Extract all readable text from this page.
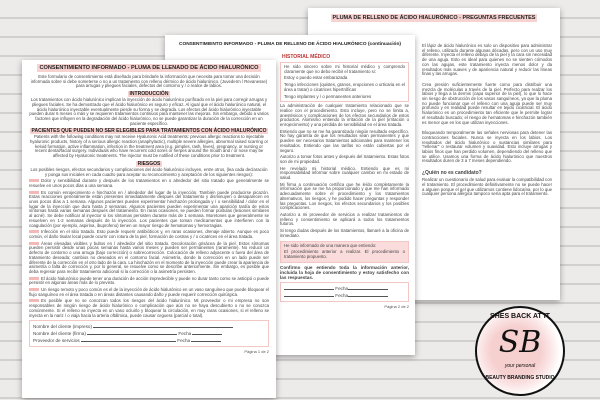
PLUMA DE RELLENO DE ÁCIDO HIALURÓNICO - PREGUNTAS FRECUENTES
El lápiz de ácido hialurónico es solo un dispositivo para administrar el relleno, utilizado durante algunas décadas, pero con un uso muy diferente. Inyecta el relleno debajo de la piel y la cara sin necesidad de una aguja. Esto es ideal para quienes no se sienten cómodos con las agujas, este tratamiento inyecta menos dolor y da resultados más suaves y de apariencia natural y reducir las líneas finas y las arrugas.
Crea presión suficientemente fuerte como para distribuir una mezcla de moléculas a través de la piel. Perfecto para realzar los labios y llega a la dermis (capa superior de la piel), lo que lo hace sin riesgo de obstrucción de los vasos sanguíneos, ya que la pluma no puede funcionar que el relleno con una aguja puede ser muy profundo y en realidad puede resultar en tejido cicatricial. El ácido hialurónico es un procedimiento tan eficiente que le permite lograr el resultado buscado; el riesgo de hematomas e hinchazón también es menor que en los que utilizan inyecciones.
Bloqueando temporalmente las señales nerviosas para detener las contracciones faciales. Nunca se inyecta en los labios. Los resultados del ácido hialurónico o sustancias similares para "rellenar" o restaurar volumen y suavidad. Esto incluye arrugas y labios finos que han perdido volumen, dependiendo del relleno que se utilice. Usamos una forma de ácido hialurónico que nuestros resultados duren de 3 a 7 meses dependiendo.
¿Quién no es candidato?
Realizar un cuestionario de salud para evaluar la compatibilidad con el tratamiento. El procedimiento definitivamente no se puede hacer a alguien porque el gel que utilizamos contiene lidocaína, por lo que cualquier persona alérgica tampoco sería apta para el tratamiento.
CONSENTIMIENTO INFORMADO - PLUMA DE RELLENO DE ÁCIDO HIALURÓNICO (continuación)
HISTORIAL MÉDICO
He sido sincero sobre mi historial médico y comprendo claramente que no debo recibir el tratamiento si:
Estoy o puedo estar embarazada
Tengo infecciones (quistes, granos, erupciones o urticaria en el área a tratar) o cicatrices hipertróficas
Tengo implantes y / o permanentes anteriores
La administración de cualquier tratamiento relacionado que se realice con el procedimiento. Esto incluye, pero no se limita a, anestésicos y complicaciones de los efectos secundarios de estos productos. Asimismo entiendo la irritación de la piel (irritación o enrojecimiento) y una pérdida de sensibilidad en el área tratada.
Entiendo que no se me ha garantizado ningún resultado específico. No hay garantía de que los resultados sean permanentes y que pueden ser necesarios tratamientos adicionales para mantener los resultados. Entiendo que las tarifas no están cubiertas por el seguro.
Autorizo a tomar fotos antes y después del tratamiento. Estas fotos son de mi propiedad.
He revelado mi historial médico. Entiendo que es mi responsabilidad informar sobre cualquier cambio en mi estado de salud.
Mi firma a continuación certifica que he leído completamente la información que se me ha proporcionado y que me han informado adecuadamente sobre el procedimiento y los tratamientos alternativos, los riesgos, y he podido hacer preguntas y responder las preguntas. Los riesgos, los efectos secundarios y los posibles complicaciones.
Autorizo a mi proveedor de servicios a realizar tratamientos de relleno y consentimiento se aplicará a todos los tratamientos futuros.
Si tengo dudas después de los tratamientos, llamaré a la oficina de inmediato.
He sido informado de una manera que entiendo:
El procedimiento anterior a realizar. El procedimiento o tratamiento propuesto.
Confirmo que entiendo toda la información anterior, incluida la hoja de consentimiento y estoy satisfecho con las respuestas.
Fecha
Fecha
Página 2 de 2
CONSENTIMIENTO INFORMADO - PLUMA DE LLENADO DE ÁCIDO HIALURÓNICO
Este formulario de consentimiento está diseñado para brindarle la información que necesita para tomar una decisión informada sobre si debe someterse o no a un tratamiento con relleno dérmico de ácido hialurónico. (Juvederm / Revanesse) para arrugas y pliegues faciales, defectos del contorno y / o realce de labios.
INTRODUCCIÓN
Los tratamientos con ácido hialurónico implican la inyección de ácido hialurónico purificado en la piel para corregir arrugas y pliegues faciales. Se ha demostrado que el ácido hialurónico es seguro y eficaz. Al igual que el ácido hialurónico natural, el ácido hialurónico inyectable eventualmente pierde su forma y se degrada. Los efectos del ácido hialurónico inyectable pueden durar 6 meses o más y se requieren tratamientos continuos para mantener las mejoras. Sin embargo, debido a varios factores que influyen en la degradación del ácido hialurónico, no se puede garantizar la duración de la corrección en un paciente específico.
PACIENTES QUE PUEDEN NO SER ELEGIBLES PARA TRATAMIENTOS CON ÁCIDO HIALURÓNICO
Patients with the following conditions may not receive Hyaluronic Acid treatments: previous allergic reactions to injectable hyaluronic products, history of a serious allergic reaction (anaphylactic), multiple severe allergies, abnormal raised scarring or keloid formation, active inflammation, infection in the treatment area (e.g. pimples, rash, hives), pregnancy, or nursing or recent dental/facial surgery. Individuals who have recurrent cold sores or herpes around the mouth and / or nose may be affected by Hyaluronic treatments. The injector must be notified of these conditions prior to treatment.
RIESGOS
Los posibles riesgos, efectos secundarios y complicaciones del ácido hialurónico incluyen, entre otros, (lea cada declaración y ponga sus iniciales en cada cuadro para aceptar su reconocimiento y aceptación de los siguientes riesgos):
Dolor y sensibilidad durante y después de los tratamientos en o alrededor del sitio tratado que generalmente se resuelve en unos pocos días a una semana.
Es común enrojecimiento e hinchazón en / alrededor del lugar de la inyección. También puede producirse picazón. Estas reacciones generalmente están presentes inmediatamente después del tratamiento y disminuyen o desaparecen en unos pocos días a 1 semana. Algunos pacientes pueden experimentar hinchazón prolongada y / o sensibilidad / dolor en el lugar de la inyección que dura hasta 2 semanas. Algunos pacientes pueden experimentar una aparición tardía de estos síntomas hasta varias semanas después del tratamiento. En raras ocasiones, se pueden formar pústulas (lesiones similares al acné). Se debe notificar al inyector si los síntomas persisten durante más de 1 semana. Moretones que generalmente se resuelven en 1-2 semanas después de la inyección. Los pacientes que toman medicamentos que interfieren con la coagulación (por ejemplo, aspirina, ibuprofeno) tienen un mayor riesgo de hematomas y hemorragias.
Infección en el sitio tratado. Esto puede requerir antibióticos y, en raras ocasiones, drenaje abierto. Aunque es poco común, el daño tisular local puede ocurrir con rotura de la piel, formación de costras y / o cicatrices en el área tratada.
Áreas elevadas visibles y bultos en / alrededor del sitio tratado. Decoloración grisácea de la piel. Estos síntomas pueden persistir desde unas pocas semanas hasta varios meses y pueden ser permanentes (raramente). No reducir un defecto de contorno o una arruga (bajo corrección) o sobrecorrección. Colocación de relleno adyacente o fuera del área de tratamiento deseada; cambios no deseados en el contorno facial. Asimetría, donde la corrección en un lado puede ser diferente de la corrección en el otro lado de la cara. La hinchazón en el momento de la inyección puede crear la apariencia de asimetría o falta de corrección y, por lo general, se resuelve como se describe anteriormente. Sin embargo, es posible que deba regresar para recibir tratamiento adicional si la corrección o la asimetría persisten.
El ácido hialurónico puede tener una duración de acción impredecible y puede no durar tanto como se anticipó o puede persistir en algunas áreas más de lo previsto.
Un riesgo remoto y poco común es el de la inyección de ácido hialurónico en un vaso sanguíneo que puede bloquear el flujo sanguíneo en el área tratada o en áreas distantes causando daño y puede requerir corrección quirúrgica.
Es posible que no se conozcan todos los riesgos del ácido hialurónico. Mi proveedor o mi empresa no son responsables de ningún riesgo de ácido hialurónico o complicación que aún no se haya descubierto o no se conozca comúnmente. Si el relleno se inyecta en un vaso ocluirlo y bloquear la circulación, en muy raras ocasiones, si el relleno se inyecta en la nariz / o viaja hacia la arteria oftálmica, puede causar ceguera (parcial o total).
Nombre del cliente (impreso)
Nombre del cliente (firma)	Fecha
Proveedor de servicios	Fecha
Página 1 de 2
SHES BACK AT IT
SB
your personal
BEAUTY BRANDING STUDIO
